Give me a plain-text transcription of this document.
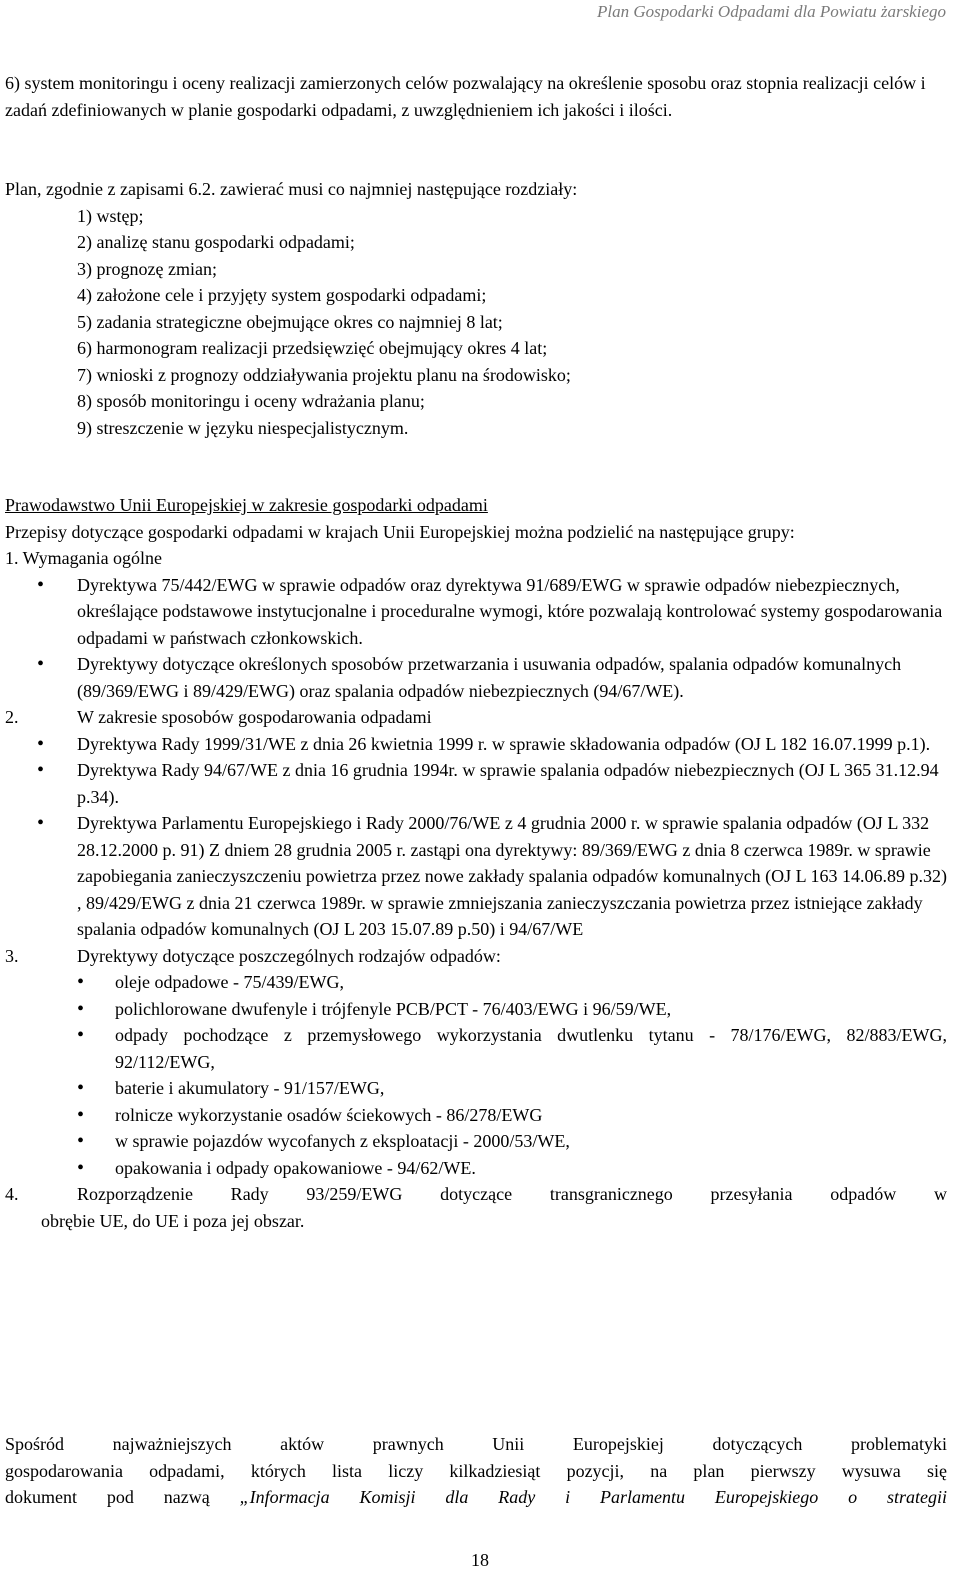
Plan Gospodarki Odpadami dla Powiatu żarskiego

6) system monitoringu i oceny realizacji zamierzonych celów pozwalający na określenie sposobu oraz stopnia realizacji celów i zadań zdefiniowanych w planie gospodarki odpadami, z uwzględnieniem ich jakości i ilości.

Plan, zgodnie z zapisami 6.2. zawierać musi co najmniej następujące rozdziały:

1) wstęp;

2) analizę stanu gospodarki odpadami;

3) prognozę zmian;

4) założone cele i przyjęty system gospodarki odpadami;

5) zadania strategiczne obejmujące okres co najmniej 8 lat;

6) harmonogram realizacji przedsięwzięć obejmujący okres 4 lat;

7) wnioski z prognozy oddziaływania projektu planu na środowisko;

8) sposób monitoringu i oceny wdrażania planu;

9) streszczenie w języku niespecjalistycznym.

Prawodawstwo Unii Europejskiej w zakresie gospodarki odpadami

Przepisy dotyczące gospodarki odpadami w krajach Unii Europejskiej można podzielić na następujące grupy:

1. Wymagania ogólne

• Dyrektywa 75/442/EWG w sprawie odpadów oraz dyrektywa 91/689/EWG w sprawie odpadów niebezpiecznych, określające podstawowe instytucjonalne i proceduralne wymogi, które pozwalają kontrolować systemy gospodarowania odpadami w państwach członkowskich.
• Dyrektywy dotyczące określonych sposobów przetwarzania i usuwania odpadów, spalania odpadów komunalnych (89/369/EWG i 89/429/EWG) oraz spalania odpadów niebezpiecznych (94/67/WE).

2.	W zakresie sposobów gospodarowania odpadami

• Dyrektywa Rady 1999/31/WE z dnia 26 kwietnia 1999 r. w sprawie składowania odpadów (OJ L 182 16.07.1999 p.1).
• Dyrektywa Rady 94/67/WE z dnia 16 grudnia 1994r. w sprawie spalania odpadów niebezpiecznych (OJ L 365 31.12.94 p.34).
• Dyrektywa Parlamentu Europejskiego i Rady 2000/76/WE z 4 grudnia 2000 r. w sprawie spalania odpadów (OJ L 332 28.12.2000 p. 91) Z dniem 28 grudnia 2005 r. zastąpi ona dyrektywy: 89/369/EWG z dnia 8 czerwca 1989r. w sprawie zapobiegania zanieczyszczeniu powietrza przez nowe zakłady spalania odpadów komunalnych (OJ L 163 14.06.89 p.32) , 89/429/EWG z dnia 21 czerwca 1989r. w sprawie zmniejszania zanieczyszczania powietrza przez istniejące zakłady spalania odpadów komunalnych (OJ L 203 15.07.89 p.50) i 94/67/WE

3.	Dyrektywy dotyczące poszczególnych rodzajów odpadów:

• oleje odpadowe - 75/439/EWG,
• polichlorowane dwufenyle i trójfenyle PCB/PCT - 76/403/EWG i 96/59/WE,
• odpady pochodzące z przemysłowego wykorzystania dwutlenku tytanu - 78/176/EWG, 82/883/EWG, 92/112/EWG,
• baterie i akumulatory - 91/157/EWG,
• rolnicze wykorzystanie osadów ściekowych - 86/278/EWG
• w sprawie pojazdów wycofanych z eksploatacji - 2000/53/WE,
• opakowania i odpady opakowaniowe - 94/62/WE.

4.	Rozporządzenie Rady 93/259/EWG dotyczące transgranicznego przesyłania odpadów w

obrębie UE, do UE i poza jej obszar.

Spośród najważniejszych aktów prawnych Unii Europejskiej dotyczących problematyki

gospodarowania odpadami, których lista liczy kilkadziesiąt pozycji, na plan pierwszy wysuwa się

dokument pod nazwą „Informacja Komisji dla Rady i Parlamentu Europejskiego o strategii

18
